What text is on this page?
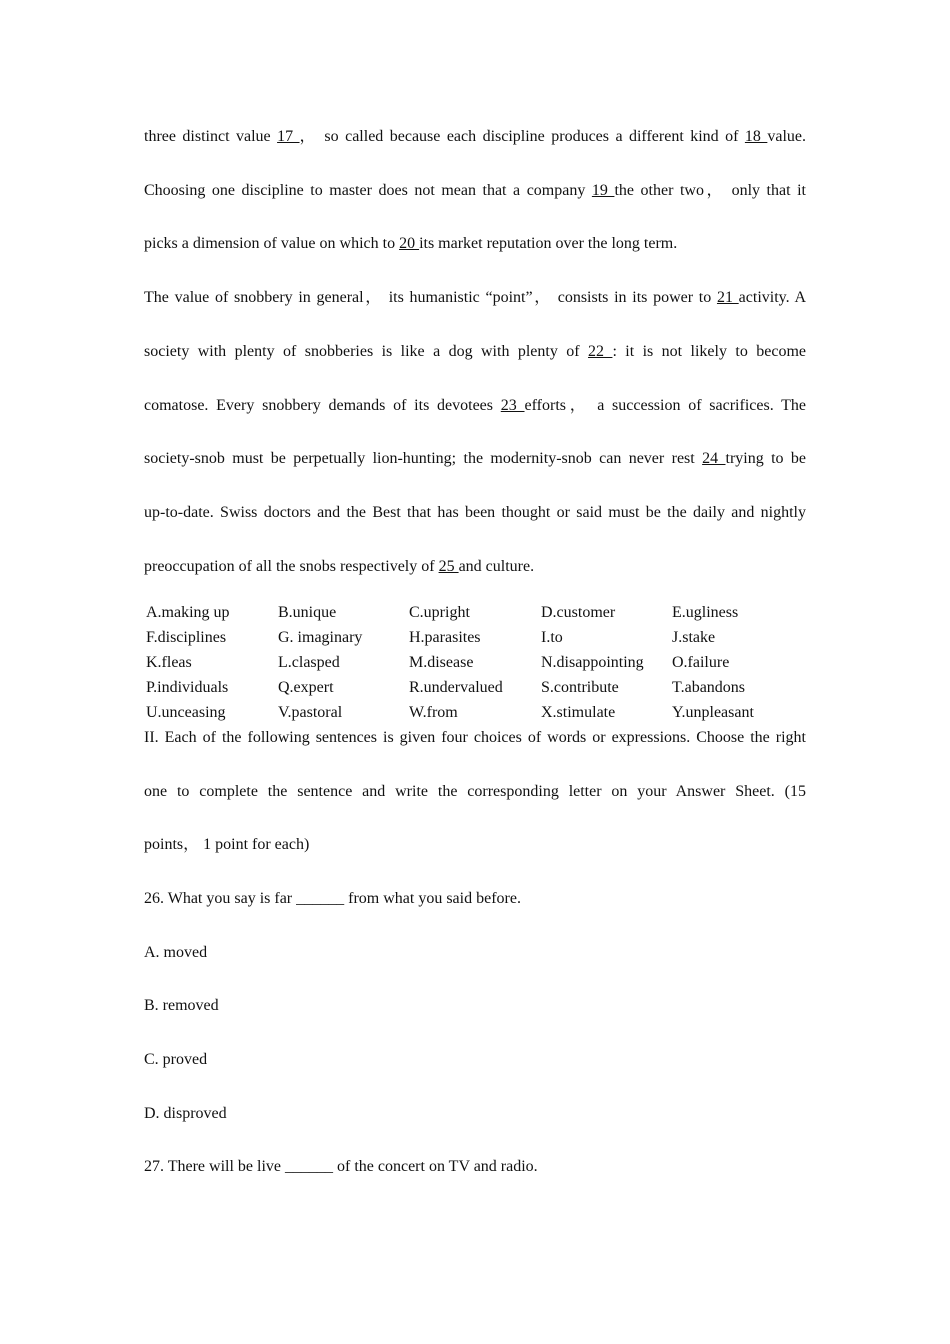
three distinct value 17 ， so called because each discipline produces a different kind of 18 value.
Choosing one discipline to master does not mean that a company 19 the other two， only that it
picks a dimension of value on which to 20 its market reputation over the long term.
The value of snobbery in general， its humanistic “point”， consists in its power to 21 activity. A
society with plenty of snobberies is like a dog with plenty of 22 : it is not likely to become
comatose. Every snobbery demands of its devotees 23 efforts， a succession of sacrifices. The
society-snob must be perpetually lion-hunting; the modernity-snob can never rest 24 trying to be
up-to-date. Swiss doctors and the Best that has been thought or said must be the daily and nightly
preoccupation of all the snobs respectively of 25 and culture.
A.making up	B.unique	C.upright	D.customer	E.ugliness
F.disciplines	G. imaginary	H.parasites	I.to	J.stake
K.fleas	L.clasped	M.disease	N.disappointing O.failure
P.individuals	Q.expert	R.undervalued S.contribute	T.abandons
U.unceasing	V.pastoral	W.from	X.stimulate	Y.unpleasant
II. Each of the following sentences is given four choices of words or expressions. Choose the right
one to complete the sentence and write the corresponding letter on your Answer Sheet. (15
points， 1 point for each)
26. What you say is far ______ from what you said before.
A. moved
B. removed
C. proved
D. disproved
27. There will be live ______ of the concert on TV and radio.
